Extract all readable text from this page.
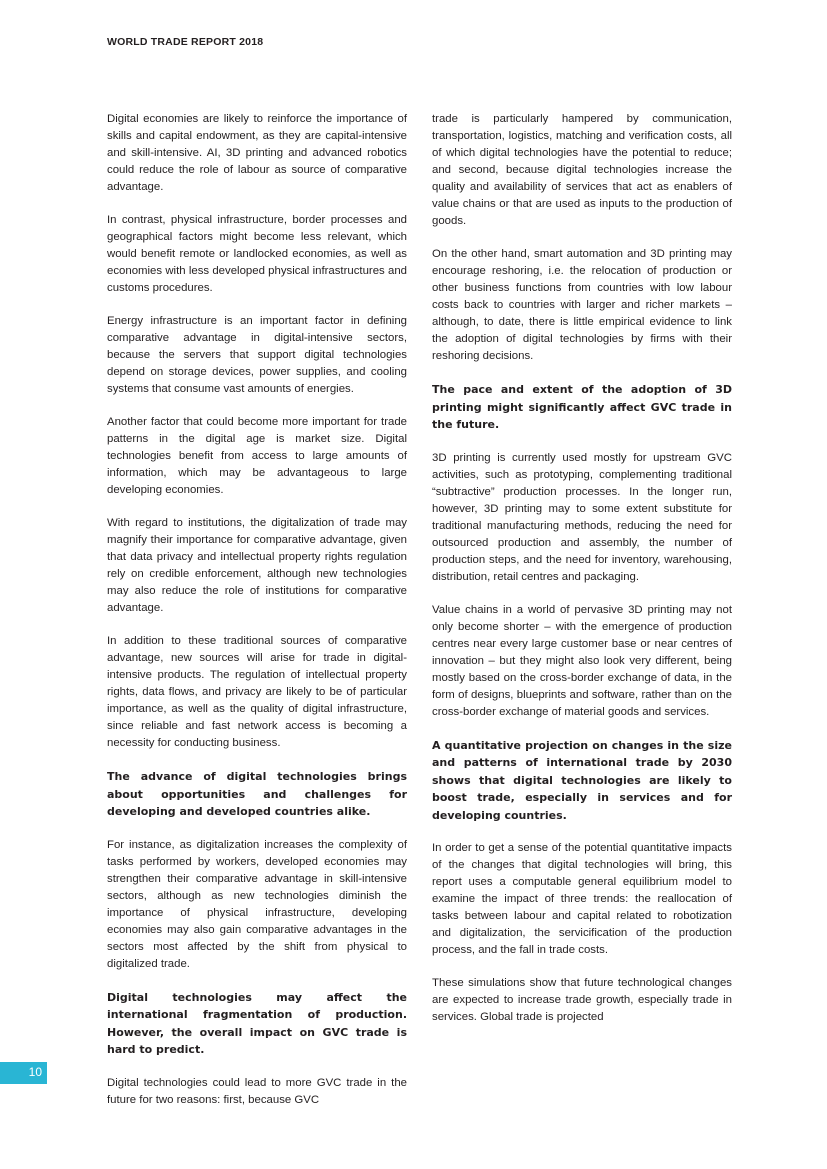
WORLD TRADE REPORT 2018

Digital economies are likely to reinforce the importance of skills and capital endowment, as they are capital-intensive and skill-intensive. AI, 3D printing and advanced robotics could reduce the role of labour as source of comparative advantage.

In contrast, physical infrastructure, border processes and geographical factors might become less relevant, which would benefit remote or landlocked economies, as well as economies with less developed physical infrastructures and customs procedures.

Energy infrastructure is an important factor in defining comparative advantage in digital-intensive sectors, because the servers that support digital technologies depend on storage devices, power supplies, and cooling systems that consume vast amounts of energies.

Another factor that could become more important for trade patterns in the digital age is market size. Digital technologies benefit from access to large amounts of information, which may be advantageous to large developing economies.

With regard to institutions, the digitalization of trade may magnify their importance for comparative advantage, given that data privacy and intellectual property rights regulation rely on credible enforcement, although new technologies may also reduce the role of institutions for comparative advantage.

In addition to these traditional sources of comparative advantage, new sources will arise for trade in digital-intensive products. The regulation of intellectual property rights, data flows, and privacy are likely to be of particular importance, as well as the quality of digital infrastructure, since reliable and fast network access is becoming a necessity for conducting business.

The advance of digital technologies brings about opportunities and challenges for developing and developed countries alike.

For instance, as digitalization increases the complexity of tasks performed by workers, developed economies may strengthen their comparative advantage in skill-intensive sectors, although as new technologies diminish the importance of physical infrastructure, developing economies may also gain comparative advantages in the sectors most affected by the shift from physical to digitalized trade.

Digital technologies may affect the international fragmentation of production. However, the overall impact on GVC trade is hard to predict.

Digital technologies could lead to more GVC trade in the future for two reasons: first, because GVC

trade is particularly hampered by communication, transportation, logistics, matching and verification costs, all of which digital technologies have the potential to reduce; and second, because digital technologies increase the quality and availability of services that act as enablers of value chains or that are used as inputs to the production of goods.

On the other hand, smart automation and 3D printing may encourage reshoring, i.e. the relocation of production or other business functions from countries with low labour costs back to countries with larger and richer markets – although, to date, there is little empirical evidence to link the adoption of digital technologies by firms with their reshoring decisions.

The pace and extent of the adoption of 3D printing might significantly affect GVC trade in the future.

3D printing is currently used mostly for upstream GVC activities, such as prototyping, complementing traditional “subtractive” production processes. In the longer run, however, 3D printing may to some extent substitute for traditional manufacturing methods, reducing the need for outsourced production and assembly, the number of production steps, and the need for inventory, warehousing, distribution, retail centres and packaging.

Value chains in a world of pervasive 3D printing may not only become shorter – with the emergence of production centres near every large customer base or near centres of innovation – but they might also look very different, being mostly based on the cross-border exchange of data, in the form of designs, blueprints and software, rather than on the cross-border exchange of material goods and services.

A quantitative projection on changes in the size and patterns of international trade by 2030 shows that digital technologies are likely to boost trade, especially in services and for developing countries.

In order to get a sense of the potential quantitative impacts of the changes that digital technologies will bring, this report uses a computable general equilibrium model to examine the impact of three trends: the reallocation of tasks between labour and capital related to robotization and digitalization, the servicification of the production process, and the fall in trade costs.

These simulations show that future technological changes are expected to increase trade growth, especially trade in services. Global trade is projected

10
